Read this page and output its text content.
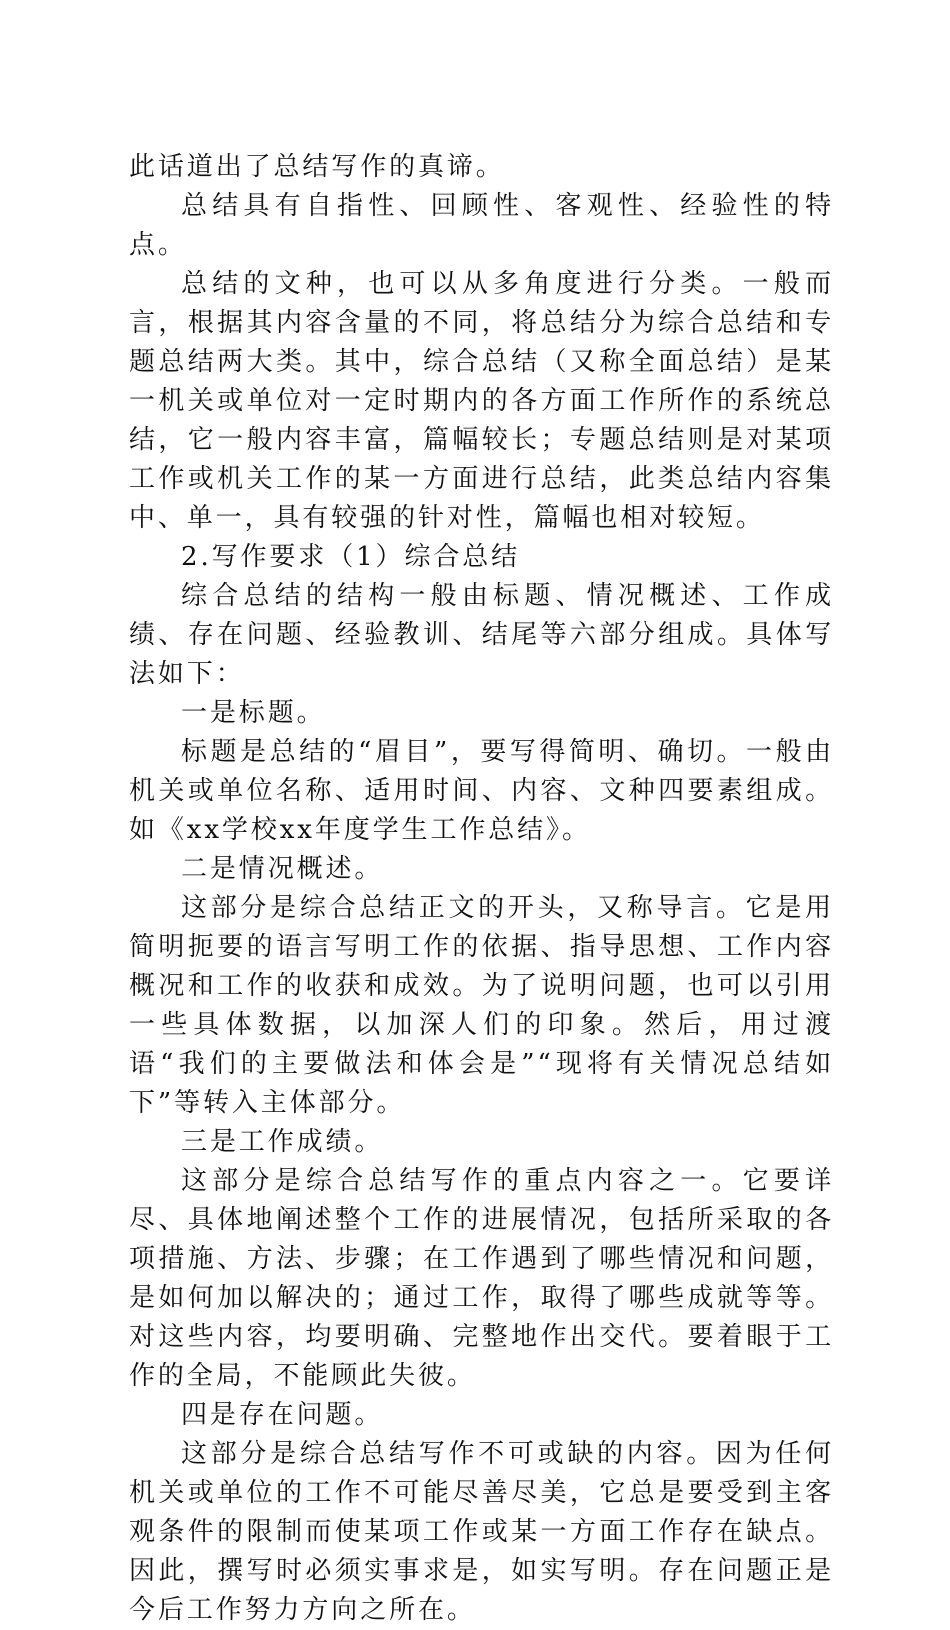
此话道出了总结写作的真谛。

总结具有自指性、回顾性、客观性、经验性的特点。

总结的文种，也可以从多角度进行分类。一般而言，根据其内容含量的不同，将总结分为综合总结和专题总结两大类。其中，综合总结（又称全面总结）是某一机关或单位对一定时期内的各方面工作所作的系统总结，它一般内容丰富，篇幅较长；专题总结则是对某项工作或机关工作的某一方面进行总结，此类总结内容集中、单一，具有较强的针对性，篇幅也相对较短。

2.写作要求（1）综合总结

综合总结的结构一般由标题、情况概述、工作成绩、存在问题、经验教训、结尾等六部分组成。具体写法如下：

一是标题。

标题是总结的“眉目”，要写得简明、确切。一般由机关或单位名称、适用时间、内容、文种四要素组成。如《xx学校xx年度学生工作总结》。

二是情况概述。

这部分是综合总结正文的开头，又称导言。它是用简明扼要的语言写明工作的依据、指导思想、工作内容概况和工作的收获和成效。为了说明问题，也可以引用一些具体数据，以加深人们的印象。然后，用过渡语“我们的主要做法和体会是”“现将有关情况总结如下”等转入主体部分。

三是工作成绩。

这部分是综合总结写作的重点内容之一。它要详尽、具体地阐述整个工作的进展情况，包括所采取的各项措施、方法、步骤；在工作遇到了哪些情况和问题，是如何加以解决的；通过工作，取得了哪些成就等等。对这些内容，均要明确、完整地作出交代。要着眼于工作的全局，不能顾此失彼。

四是存在问题。

这部分是综合总结写作不可或缺的内容。因为任何机关或单位的工作不可能尽善尽美，它总是要受到主客观条件的限制而使某项工作或某一方面工作存在缺点。因此，撰写时必须实事求是，如实写明。存在问题正是今后工作努力方向之所在。
